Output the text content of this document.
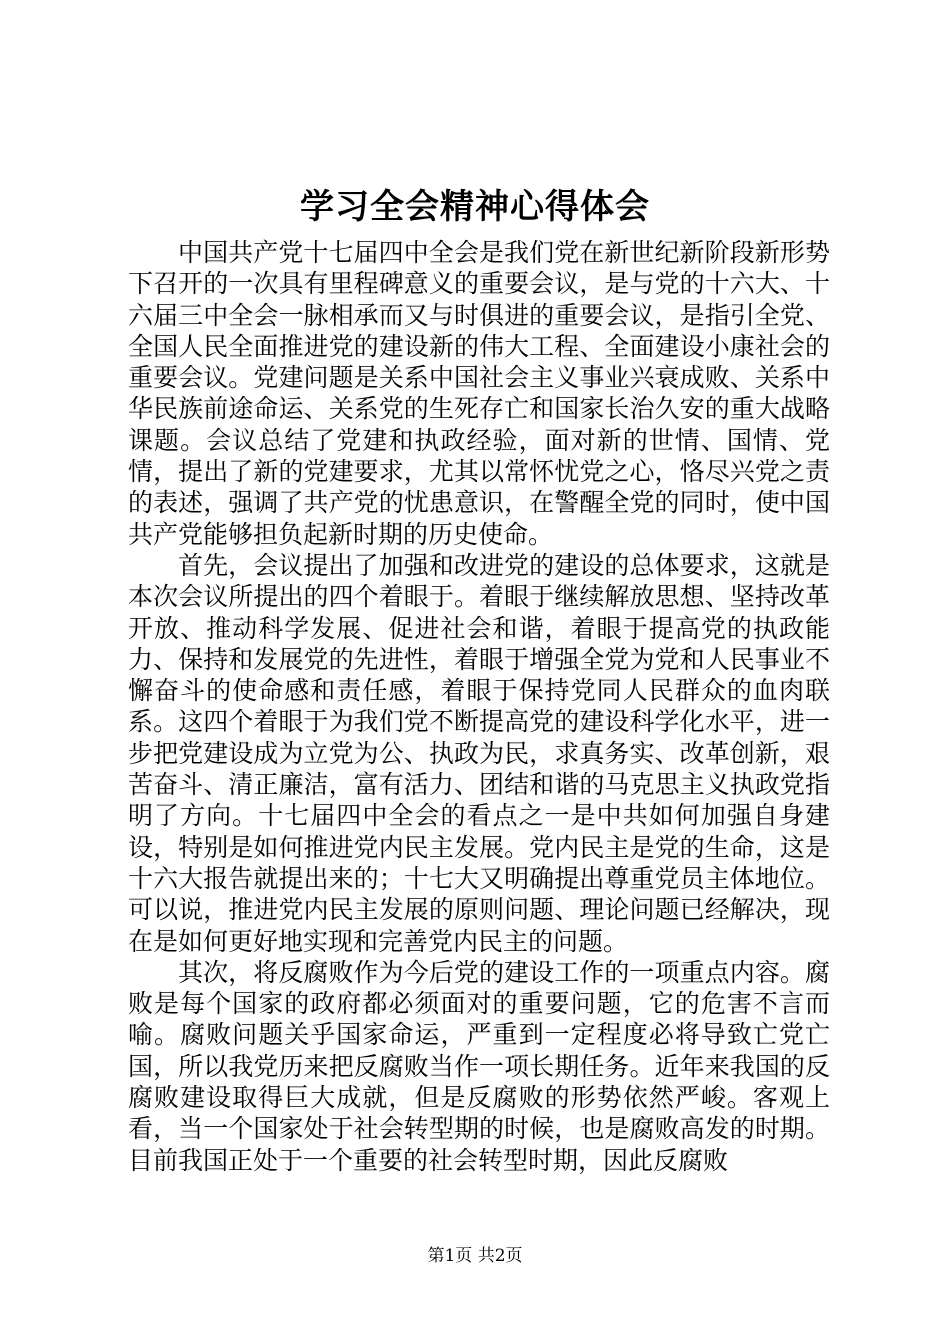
学习全会精神心得体会

中国共产党十七届四中全会是我们党在新世纪新阶段新形势下召开的一次具有里程碑意义的重要会议，是与党的十六大、十六届三中全会一脉相承而又与时俱进的重要会议，是指引全党、全国人民全面推进党的建设新的伟大工程、全面建设小康社会的重要会议。党建问题是关系中国社会主义事业兴衰成败、关系中华民族前途命运、关系党的生死存亡和国家长治久安的重大战略课题。会议总结了党建和执政经验，面对新的世情、国情、党情，提出了新的党建要求，尤其以常怀忧党之心，恪尽兴党之责的表述，强调了共产党的忧患意识，在警醒全党的同时，使中国共产党能够担负起新时期的历史使命。

首先，会议提出了加强和改进党的建设的总体要求，这就是本次会议所提出的四个着眼于。着眼于继续解放思想、坚持改革开放、推动科学发展、促进社会和谐，着眼于提高党的执政能力、保持和发展党的先进性，着眼于增强全党为党和人民事业不懈奋斗的使命感和责任感，着眼于保持党同人民群众的血肉联系。这四个着眼于为我们党不断提高党的建设科学化水平，进一步把党建设成为立党为公、执政为民，求真务实、改革创新，艰苦奋斗、清正廉洁，富有活力、团结和谐的马克思主义执政党指明了方向。十七届四中全会的看点之一是中共如何加强自身建设，特别是如何推进党内民主发展。党内民主是党的生命，这是十六大报告就提出来的；十七大又明确提出尊重党员主体地位。可以说，推进党内民主发展的原则问题、理论问题已经解决，现在是如何更好地实现和完善党内民主的问题。

其次，将反腐败作为今后党的建设工作的一项重点内容。腐败是每个国家的政府都必须面对的重要问题，它的危害不言而喻。腐败问题关乎国家命运，严重到一定程度必将导致亡党亡国，所以我党历来把反腐败当作一项长期任务。近年来我国的反腐败建设取得巨大成就，但是反腐败的形势依然严峻。客观上看，当一个国家处于社会转型期的时候，也是腐败高发的时期。目前我国正处于一个重要的社会转型时期，因此反腐败

第1页 共2页
